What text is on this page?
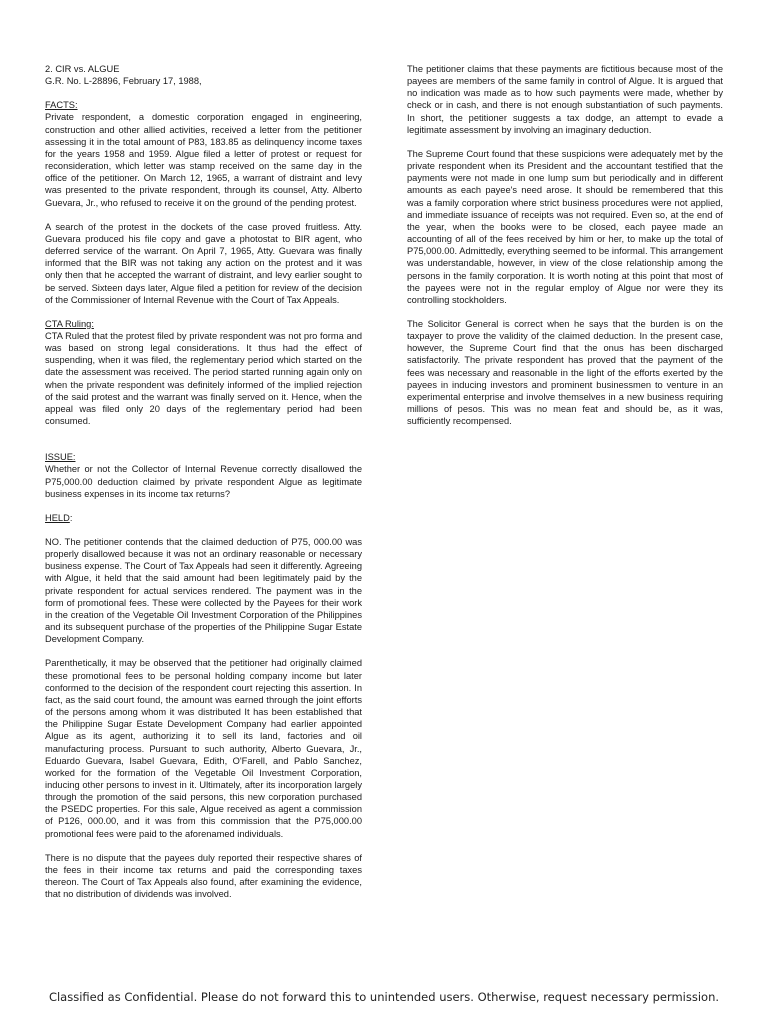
2. CIR vs. ALGUE
G.R. No. L-28896, February 17, 1988,
FACTS:

Private respondent, a domestic corporation engaged in engineering, construction and other allied activities, received a letter from the petitioner assessing it in the total amount of P83, 183.85 as delinquency income taxes for the years 1958 and 1959. Algue filed a letter of protest or request for reconsideration, which letter was stamp received on the same day in the office of the petitioner. On March 12, 1965, a warrant of distraint and levy was presented to the private respondent, through its counsel, Atty. Alberto Guevara, Jr., who refused to receive it on the ground of the pending protest.

A search of the protest in the dockets of the case proved fruitless. Atty. Guevara produced his file copy and gave a photostat to BIR agent, who deferred service of the warrant. On April 7, 1965, Atty. Guevara was finally informed that the BIR was not taking any action on the protest and it was only then that he accepted the warrant of distraint, and levy earlier sought to be served. Sixteen days later, Algue filed a petition for review of the decision of the Commissioner of Internal Revenue with the Court of Tax Appeals.

CTA Ruling:

CTA Ruled that the protest filed by private respondent was not pro forma and was based on strong legal considerations. It thus had the effect of suspending, when it was filed, the reglementary period which started on the date the assessment was received. The period started running again only on when the private respondent was definitely informed of the implied rejection of the said protest and the warrant was finally served on it. Hence, when the appeal was filed only 20 days of the reglementary period had been consumed.

ISSUE:

Whether or not the Collector of Internal Revenue correctly disallowed the P75,000.00 deduction claimed by private respondent Algue as legitimate business expenses in its income tax returns?

HELD:

NO. The petitioner contends that the claimed deduction of P75, 000.00 was properly disallowed because it was not an ordinary reasonable or necessary business expense. The Court of Tax Appeals had seen it differently. Agreeing with Algue, it held that the said amount had been legitimately paid by the private respondent for actual services rendered. The payment was in the form of promotional fees. These were collected by the Payees for their work in the creation of the Vegetable Oil Investment Corporation of the Philippines and its subsequent purchase of the properties of the Philippine Sugar Estate Development Company.

Parenthetically, it may be observed that the petitioner had originally claimed these promotional fees to be personal holding company income but later conformed to the decision of the respondent court rejecting this assertion. In fact, as the said court found, the amount was earned through the joint efforts of the persons among whom it was distributed It has been established that the Philippine Sugar Estate Development Company had earlier appointed Algue as its agent, authorizing it to sell its land, factories and oil manufacturing process. Pursuant to such authority, Alberto Guevara, Jr., Eduardo Guevara, Isabel Guevara, Edith, O'Farell, and Pablo Sanchez, worked for the formation of the Vegetable Oil Investment Corporation, inducing other persons to invest in it. Ultimately, after its incorporation largely through the promotion of the said persons, this new corporation purchased the PSEDC properties. For this sale, Algue received as agent a commission of P126, 000.00, and it was from this commission that the P75,000.00 promotional fees were paid to the aforenamed individuals.

There is no dispute that the payees duly reported their respective shares of the fees in their income tax returns and paid the corresponding taxes thereon. The Court of Tax Appeals also found, after examining the evidence, that no distribution of dividends was involved.

The petitioner claims that these payments are fictitious because most of the payees are members of the same family in control of Algue. It is argued that no indication was made as to how such payments were made, whether by check or in cash, and there is not enough substantiation of such payments. In short, the petitioner suggests a tax dodge, an attempt to evade a legitimate assessment by involving an imaginary deduction.

The Supreme Court found that these suspicions were adequately met by the private respondent when its President and the accountant testified that the payments were not made in one lump sum but periodically and in different amounts as each payee's need arose. It should be remembered that this was a family corporation where strict business procedures were not applied, and immediate issuance of receipts was not required. Even so, at the end of the year, when the books were to be closed, each payee made an accounting of all of the fees received by him or her, to make up the total of P75,000.00. Admittedly, everything seemed to be informal. This arrangement was understandable, however, in view of the close relationship among the persons in the family corporation. It is worth noting at this point that most of the payees were not in the regular employ of Algue nor were they its controlling stockholders.

The Solicitor General is correct when he says that the burden is on the taxpayer to prove the validity of the claimed deduction. In the present case, however, the Supreme Court find that the onus has been discharged satisfactorily. The private respondent has proved that the payment of the fees was necessary and reasonable in the light of the efforts exerted by the payees in inducing investors and prominent businessmen to venture in an experimental enterprise and involve themselves in a new business requiring millions of pesos. This was no mean feat and should be, as it was, sufficiently recompensed.

Classified as Confidential. Please do not forward this to unintended users. Otherwise, request necessary permission.
